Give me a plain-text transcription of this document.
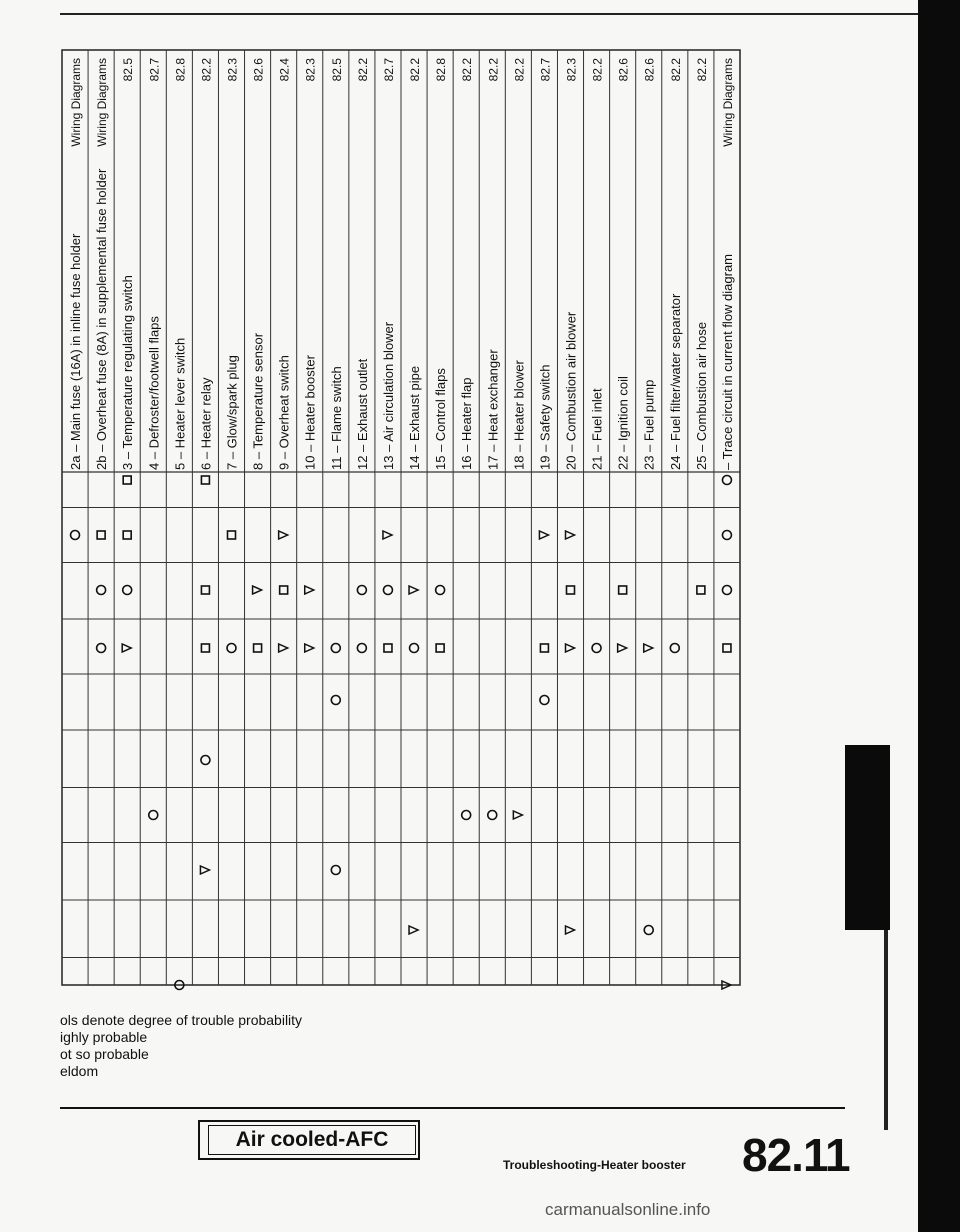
2a – Main fuse (16A) in inline fuse holder
Wiring Diagrams
2b – Overheat fuse (8A) in supplemental fuse holder
Wiring Diagrams
3 – Temperature regulating switch
82.5
4 – Defroster/footwell flaps
82.7
5 – Heater lever switch
82.8
6 – Heater relay
82.2
7 – Glow/spark plug
82.3
8 – Temperature sensor
82.6
9 – Overheat switch
82.4
10 – Heater booster
82.3
11 – Flame switch
82.5
12 – Exhaust outlet
82.2
13 – Air circulation blower
82.7
14 – Exhaust pipe
82.2
15 – Control flaps
82.8
16 – Heater flap
82.2
17 – Heat exchanger
82.2
18 – Heater blower
82.2
19 – Safety switch
82.7
20 – Combustion air blower
82.3
21 – Fuel inlet
82.2
22 – Ignition coil
82.6
23 – Fuel pump
82.6
24 – Fuel filter/water separator
82.2
25 – Combustion air hose
82.2
– Trace circuit in current flow diagram
Wiring Diagrams
ols denote degree of trouble probability
ighly probable
ot so probable
eldom
Air cooled-AFC
Troubleshooting-Heater booster 82.11
carmanualsonline.info
